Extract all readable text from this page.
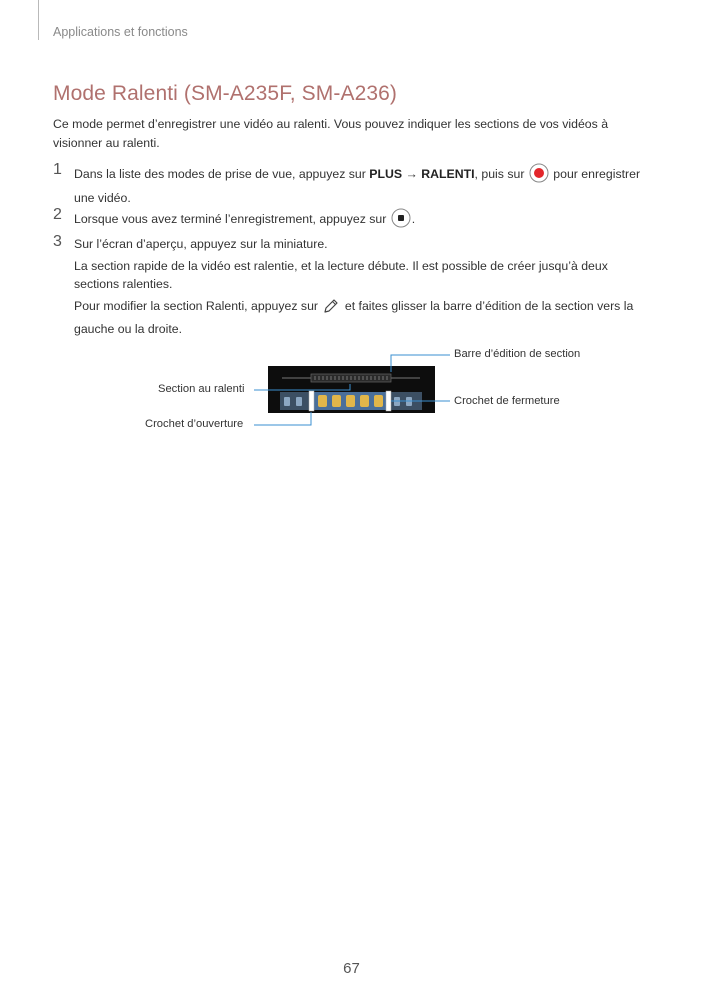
Applications et fonctions
Mode Ralenti (SM-A235F, SM-A236)
Ce mode permet d’enregistrer une vidéo au ralenti. Vous pouvez indiquer les sections de vos vidéos à visionner au ralenti.
1 Dans la liste des modes de prise de vue, appuyez sur PLUS → RALENTI, puis sur  pour enregistrer une vidéo.
2 Lorsque vous avez terminé l’enregistrement, appuyez sur .
3 Sur l’écran d’aperçu, appuyez sur la miniature.

La section rapide de la vidéo est ralentie, et la lecture débute. Il est possible de créer jusqu’à deux sections ralenties.

Pour modifier la section Ralenti, appuyez sur  et faites glisser la barre d’édition de la section vers la gauche ou la droite.

Barre d’édition de section
Section au ralenti
Crochet de fermeture
Crochet d’ouverture
67
